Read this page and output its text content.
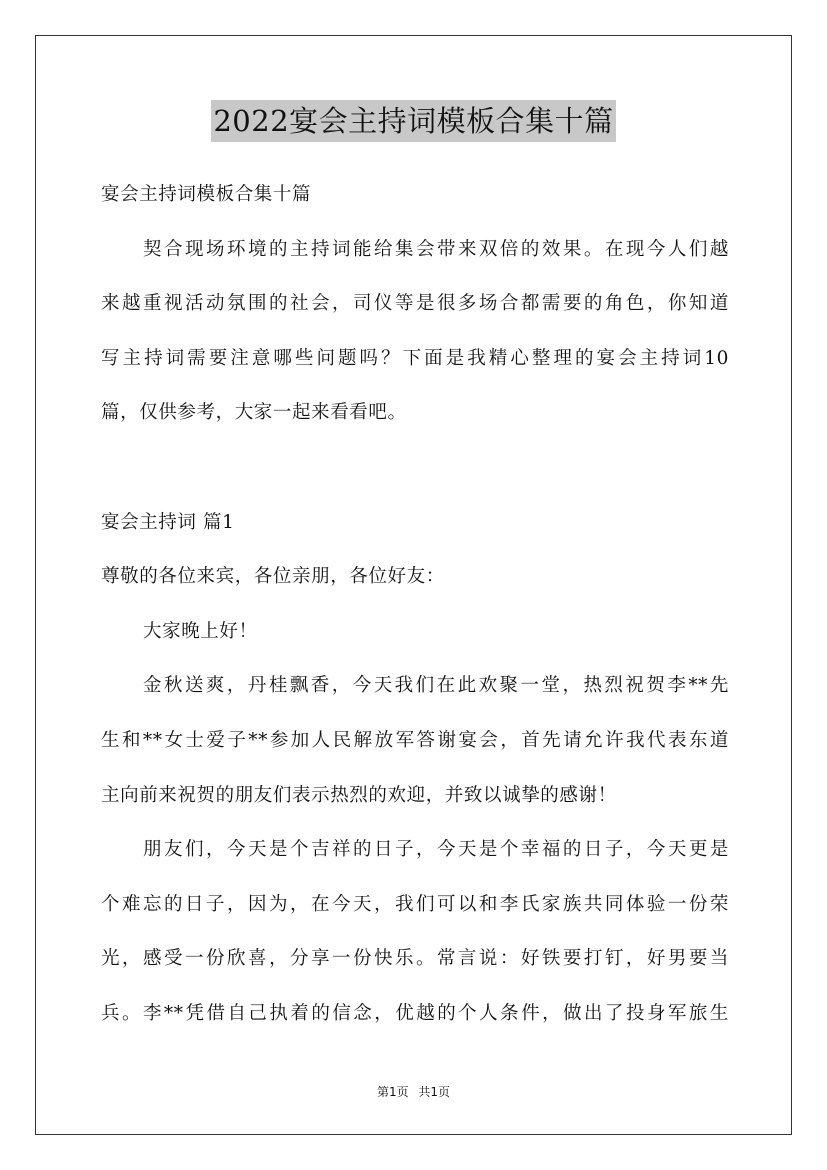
2022宴会主持词模板合集十篇
宴会主持词模板合集十篇
契合现场环境的主持词能给集会带来双倍的效果。在现今人们越
来越重视活动氛围的社会，司仪等是很多场合都需要的角色，你知道
写主持词需要注意哪些问题吗？下面是我精心整理的宴会主持词10
篇，仅供参考，大家一起来看看吧。
宴会主持词 篇1
尊敬的各位来宾，各位亲朋，各位好友：
大家晚上好！
金秋送爽，丹桂飘香，今天我们在此欢聚一堂，热烈祝贺李**先
生和**女士爱子**参加人民解放军答谢宴会，首先请允许我代表东道
主向前来祝贺的朋友们表示热烈的欢迎，并致以诚挚的感谢！
朋友们，今天是个吉祥的日子，今天是个幸福的日子，今天更是
个难忘的日子，因为，在今天，我们可以和李氏家族共同体验一份荣
光，感受一份欣喜，分享一份快乐。常言说：好铁要打钉，好男要当
兵。李**凭借自己执着的信念，优越的个人条件，做出了投身军旅生
第1页 共1页
